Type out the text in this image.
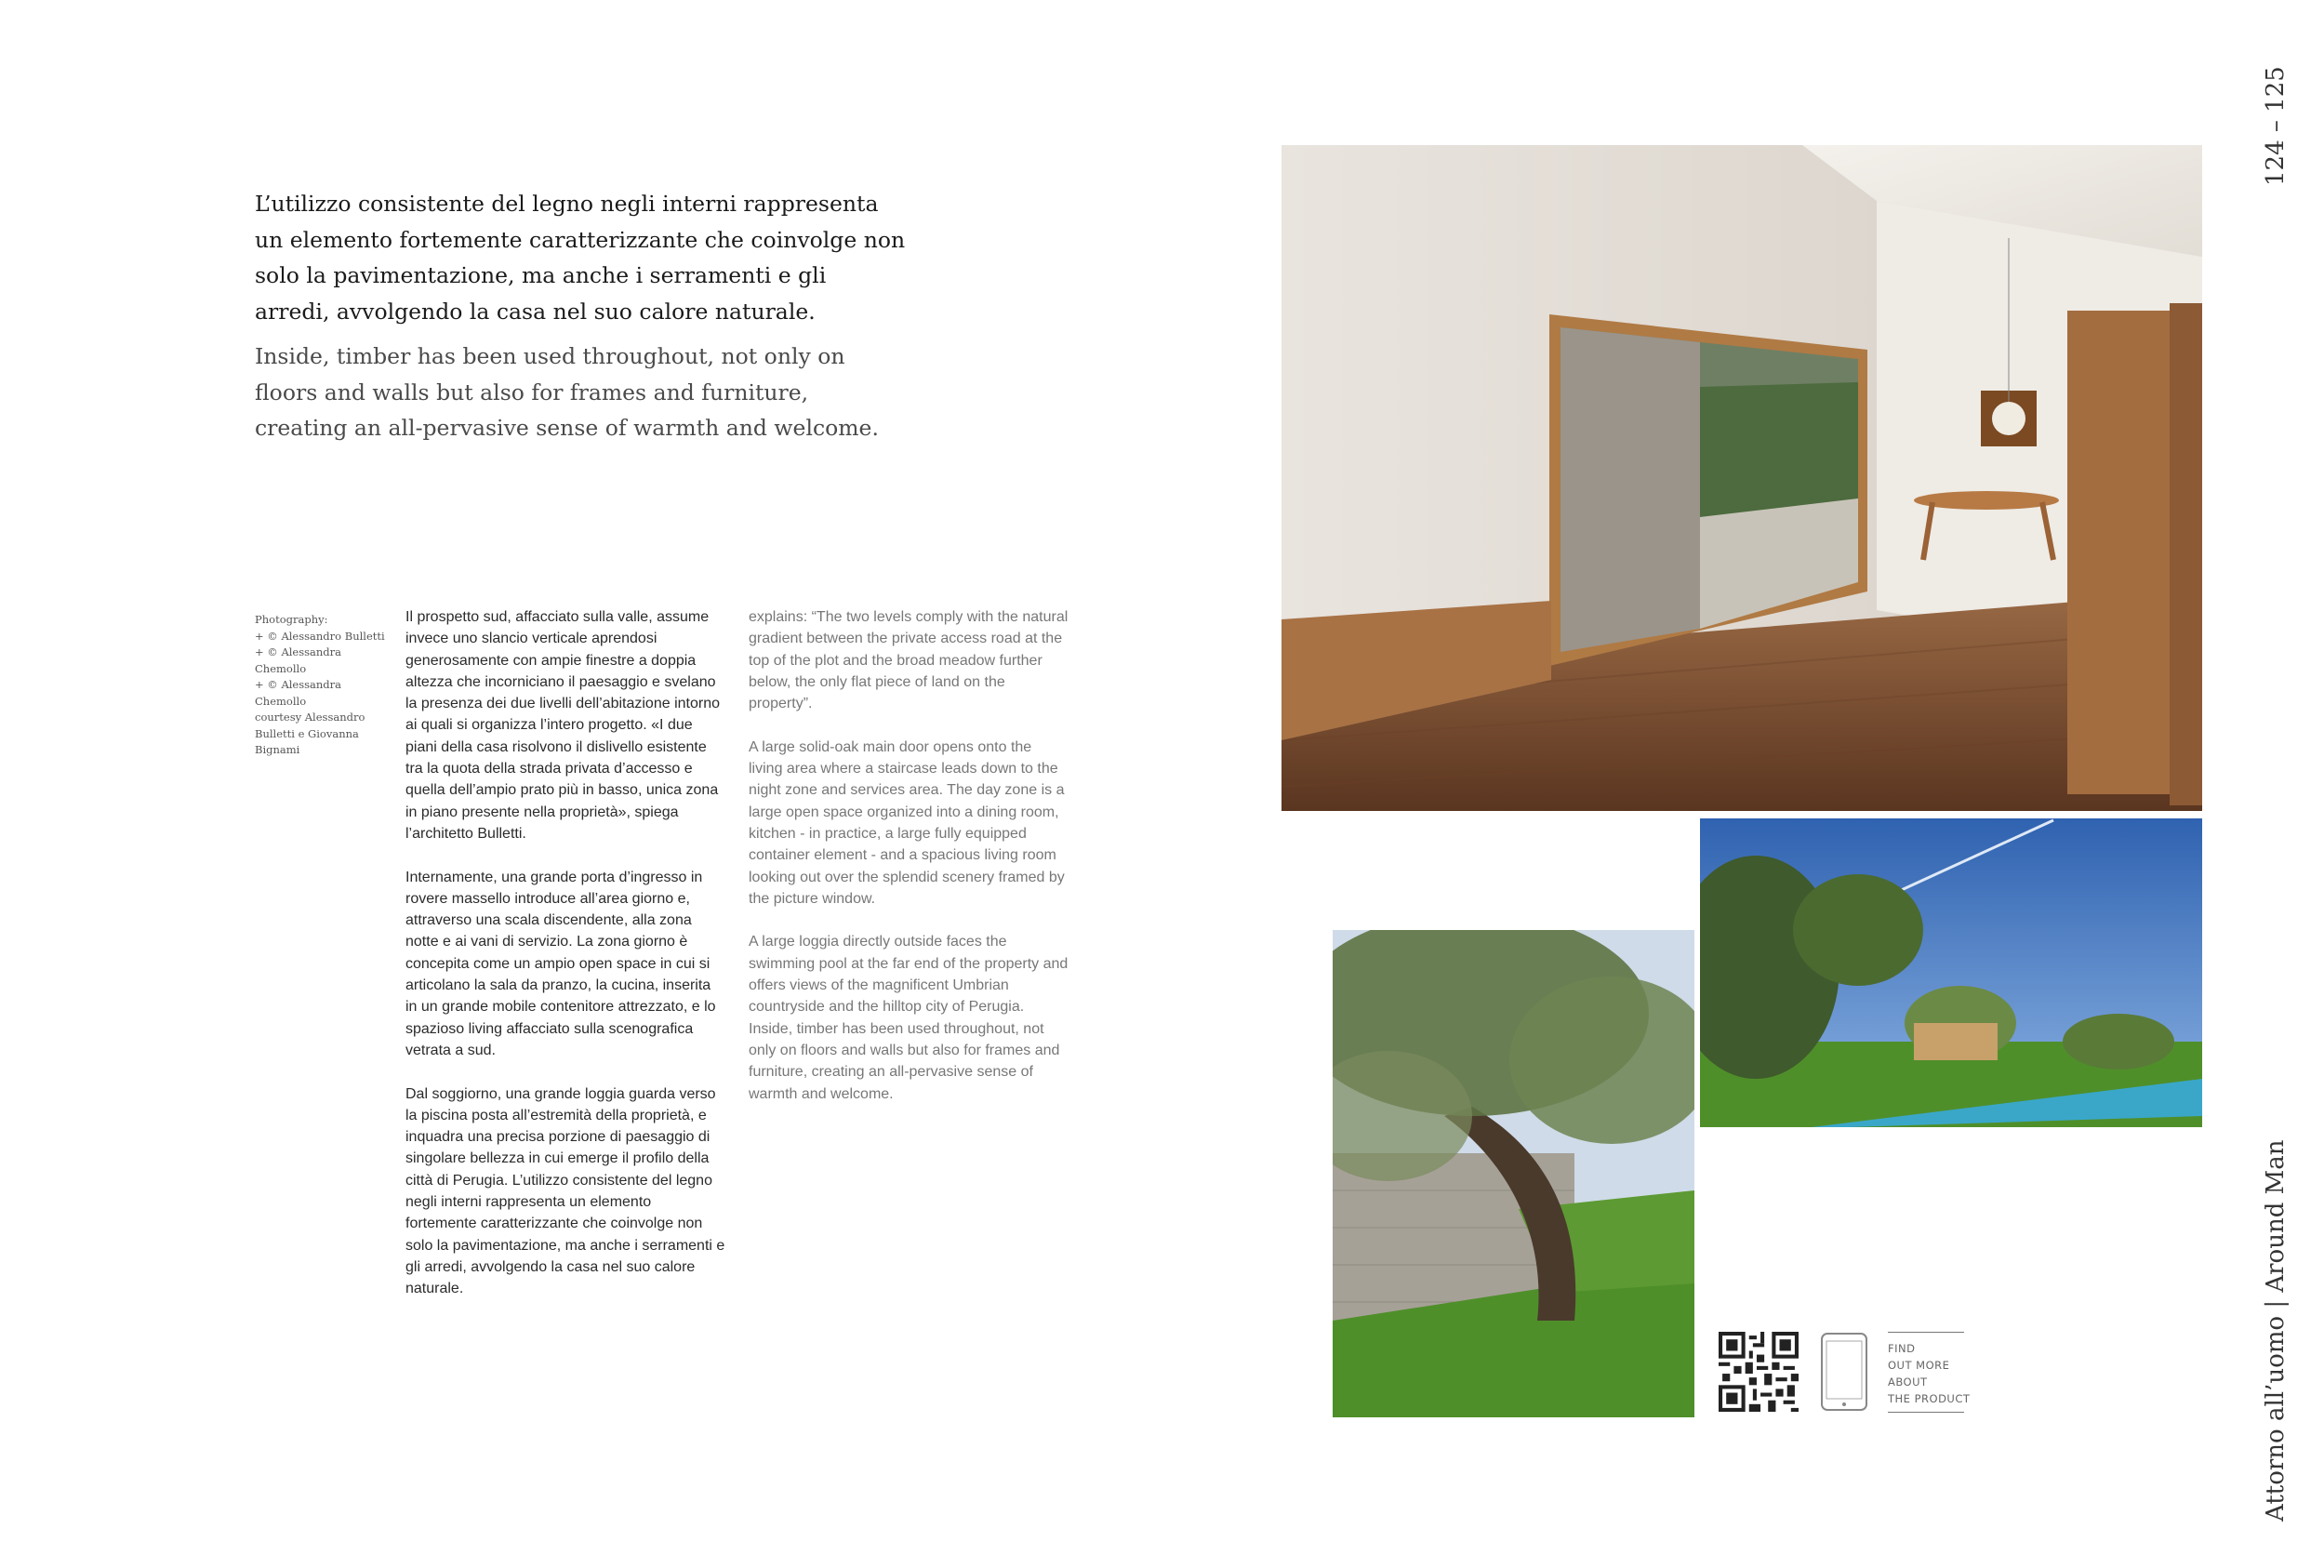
L’utilizzo consistente del legno negli interni rappresenta un elemento fortemente caratterizzante che coinvolge non solo la pavimentazione, ma anche i serramenti e gli arredi, avvolgendo la casa nel suo calore naturale.
Inside, timber has been used throughout, not only on floors and walls but also for frames and furniture, creating an all-pervasive sense of warmth and welcome.
Photography:
+ © Alessandro Bulletti
+ © Alessandra Chemollo
+ © Alessandra Chemollo
courtesy Alessandro
Bulletti e Giovanna
Bignami

Il prospetto sud, affacciato sulla valle, assume invece uno slancio verticale aprendosi generosamente con ampie finestre a doppia altezza che incorniciano il paesaggio e svelano la presenza dei due livelli dell’abitazione intorno ai quali si organizza l’intero progetto. «I due piani della casa risolvono il dislivello esistente tra la quota della strada privata d’accesso e quella dell’ampio prato più in basso, unica zona in piano presente nella proprietà», spiega l’architetto Bulletti.

Internamente, una grande porta d’ingresso in rovere massello introduce all’area giorno e, attraverso una scala discendente, alla zona notte e ai vani di servizio. La zona giorno è concepita come un ampio open space in cui si articolano la sala da pranzo, la cucina, inserita in un grande mobile contenitore attrezzato, e lo spazioso living affacciato sulla scenografica vetrata a sud.

Dal soggiorno, una grande loggia guarda verso la piscina posta all’estremità della proprietà, e inquadra una precisa porzione di paesaggio di singolare bellezza in cui emerge il profilo della città di Perugia. L’utilizzo consistente del legno negli interni rappresenta un elemento fortemente caratterizzante che coinvolge non solo la pavimentazione, ma anche i serramenti e gli arredi, avvolgendo la casa nel suo calore naturale.

explains: “The two levels comply with the natural gradient between the private access road at the top of the plot and the broad meadow further below, the only flat piece of land on the property”.

A large solid-oak main door opens onto the living area where a staircase leads down to the night zone and services area. The day zone is a large open space organized into a dining room, kitchen - in practice, a large fully equipped container element - and a spacious living room looking out over the splendid scenery framed by the picture window.

A large loggia directly outside faces the swimming pool at the far end of the property and offers views of the magnificent Umbrian countryside and the hilltop city of Perugia. Inside, timber has been used throughout, not only on floors and walls but also for frames and furniture, creating an all-pervasive sense of warmth and welcome.

FIND
OUT MORE
ABOUT
THE PRODUCT
124 – 125
Attorno all’uomo | Around Man
